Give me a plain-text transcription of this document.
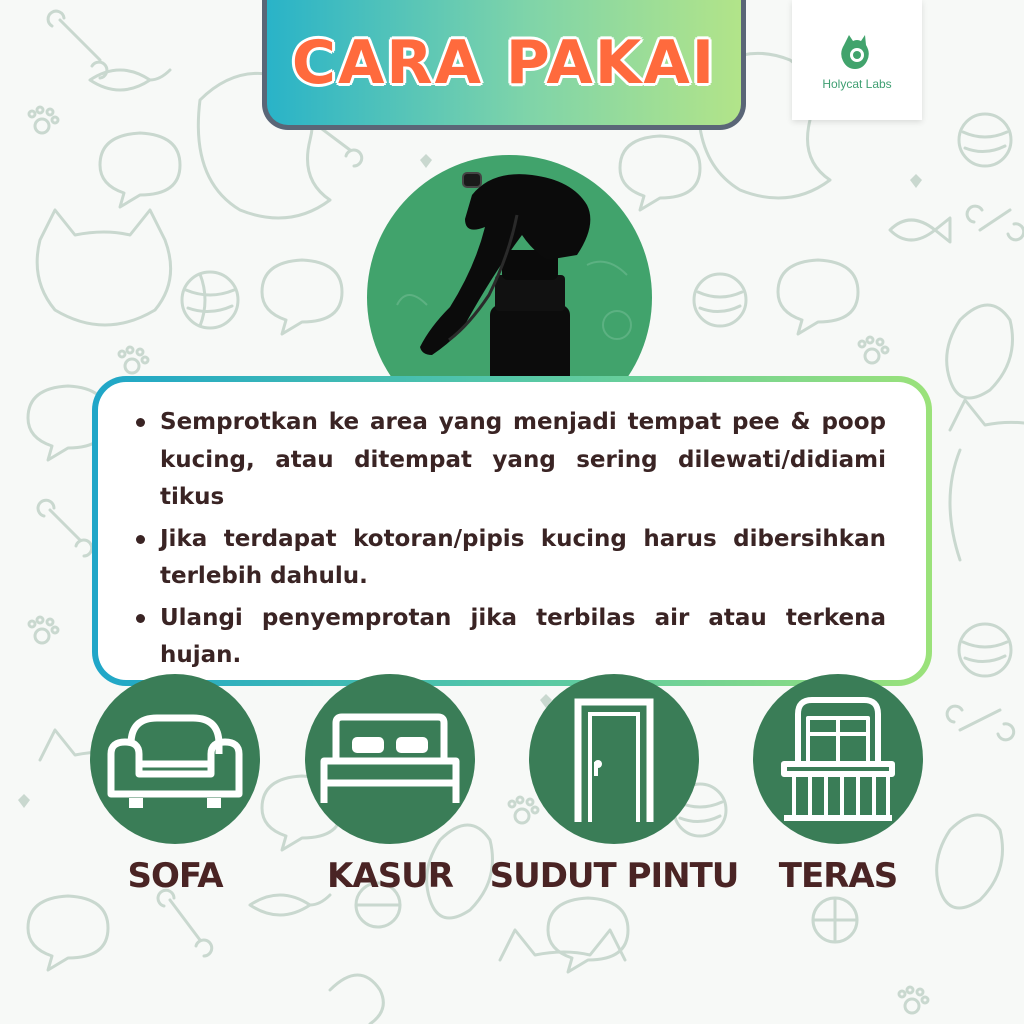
CARA PAKAI	Holycat Labs
Semprotkan ke area yang menjadi tempat pee & poop kucing, atau ditempat yang sering dilewati/didiami tikus
Jika terdapat kotoran/pipis kucing harus dibersihkan terlebih dahulu.
Ulangi penyemprotan jika terbilas air atau terkena hujan.
SOFA	KASUR SUDUT PINTU TERAS
